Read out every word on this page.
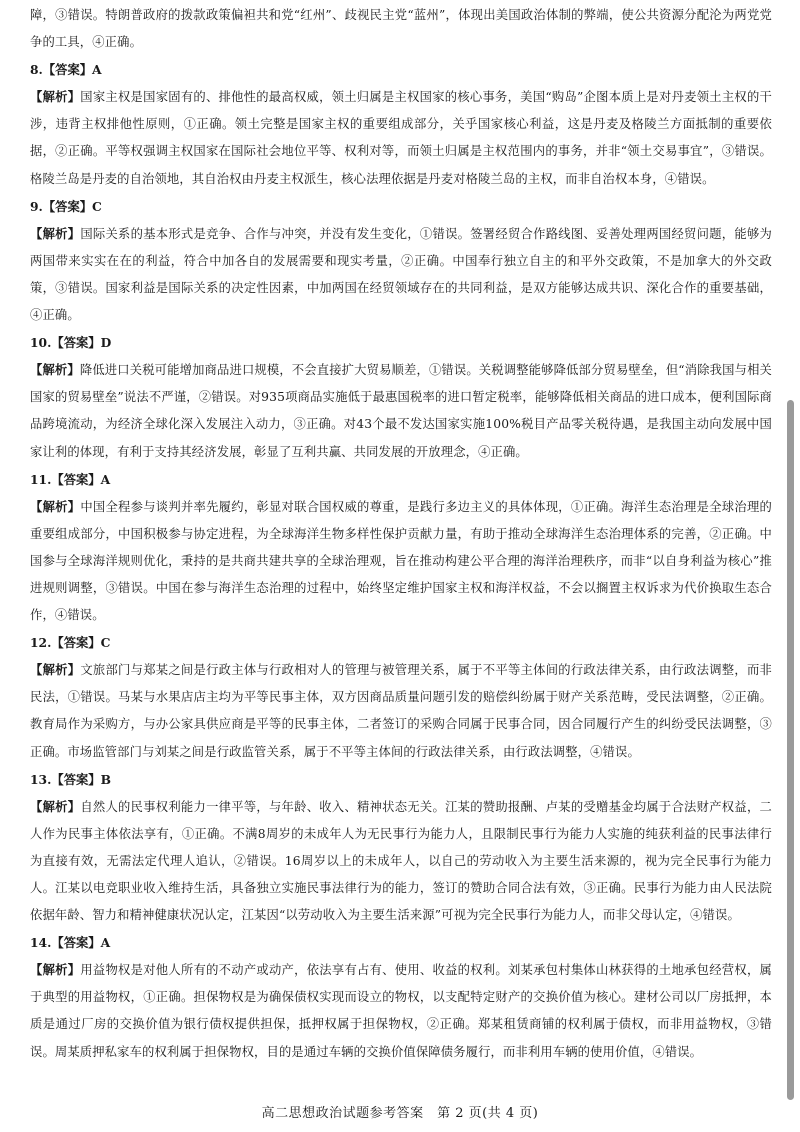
障，③错误。特朗普政府的拨款政策偏袒共和党“红州”、歧视民主党“蓝州”，体现出美国政治体制的弊端，使公共资源分配沦为两党党争的工具，④正确。

8.【答案】A

【解析】国家主权是国家固有的、排他性的最高权威，领土归属是主权国家的核心事务，美国“购岛”企图本质上是对丹麦领土主权的干涉，违背主权排他性原则，①正确。领土完整是国家主权的重要组成部分，关乎国家核心利益，这是丹麦及格陵兰方面抵制的重要依据，②正确。平等权强调主权国家在国际社会地位平等、权利对等，而领土归属是主权范围内的事务，并非“领土交易事宜”，③错误。格陵兰岛是丹麦的自治领地，其自治权由丹麦主权派生，核心法理依据是丹麦对格陵兰岛的主权，而非自治权本身，④错误。

9.【答案】C

【解析】国际关系的基本形式是竞争、合作与冲突，并没有发生变化，①错误。签署经贸合作路线图、妥善处理两国经贸问题，能够为两国带来实实在在的利益，符合中加各自的发展需要和现实考量，②正确。中国奉行独立自主的和平外交政策，不是加拿大的外交政策，③错误。国家利益是国际关系的决定性因素，中加两国在经贸领域存在的共同利益，是双方能够达成共识、深化合作的重要基础，④正确。

10.【答案】D

【解析】降低进口关税可能增加商品进口规模，不会直接扩大贸易顺差，①错误。关税调整能够降低部分贸易壁垒，但“消除我国与相关国家的贸易壁垒”说法不严谨，②错误。对935项商品实施低于最惠国税率的进口暂定税率，能够降低相关商品的进口成本，便利国际商品跨境流动，为经济全球化深入发展注入动力，③正确。对43个最不发达国家实施100%税目产品零关税待遇，是我国主动向发展中国家让利的体现，有利于支持其经济发展，彰显了互利共赢、共同发展的开放理念，④正确。

11.【答案】A

【解析】中国全程参与谈判并率先履约，彰显对联合国权威的尊重，是践行多边主义的具体体现，①正确。海洋生态治理是全球治理的重要组成部分，中国积极参与协定进程，为全球海洋生物多样性保护贡献力量，有助于推动全球海洋生态治理体系的完善，②正确。中国参与全球海洋规则优化，秉持的是共商共建共享的全球治理观，旨在推动构建公平合理的海洋治理秩序，而非“以自身利益为核心”推进规则调整，③错误。中国在参与海洋生态治理的过程中，始终坚定维护国家主权和海洋权益，不会以搁置主权诉求为代价换取生态合作，④错误。

12.【答案】C

【解析】文旅部门与郑某之间是行政主体与行政相对人的管理与被管理关系，属于不平等主体间的行政法律关系，由行政法调整，而非民法，①错误。马某与水果店店主均为平等民事主体，双方因商品质量问题引发的赔偿纠纷属于财产关系范畴，受民法调整，②正确。教育局作为采购方，与办公家具供应商是平等的民事主体，二者签订的采购合同属于民事合同，因合同履行产生的纠纷受民法调整，③正确。市场监管部门与刘某之间是行政监管关系，属于不平等主体间的行政法律关系，由行政法调整，④错误。

13.【答案】B

【解析】自然人的民事权利能力一律平等，与年龄、收入、精神状态无关。江某的赞助报酬、卢某的受赠基金均属于合法财产权益，二人作为民事主体依法享有，①正确。不满8周岁的未成年人为无民事行为能力人，且限制民事行为能力人实施的纯获利益的民事法律行为直接有效，无需法定代理人追认，②错误。16周岁以上的未成年人，以自己的劳动收入为主要生活来源的，视为完全民事行为能力人。江某以电竞职业收入维持生活，具备独立实施民事法律行为的能力，签订的赞助合同合法有效，③正确。民事行为能力由人民法院依据年龄、智力和精神健康状况认定，江某因“以劳动收入为主要生活来源”可视为完全民事行为能力人，而非父母认定，④错误。

14.【答案】A

【解析】用益物权是对他人所有的不动产或动产，依法享有占有、使用、收益的权利。刘某承包村集体山林获得的土地承包经营权，属于典型的用益物权，①正确。担保物权是为确保债权实现而设立的物权，以支配特定财产的交换价值为核心。建材公司以厂房抵押，本质是通过厂房的交换价值为银行债权提供担保，抵押权属于担保物权，②正确。郑某租赁商铺的权利属于债权，而非用益物权，③错误。周某质押私家车的权利属于担保物权，目的是通过车辆的交换价值保障债务履行，而非利用车辆的使用价值，④错误。

高二思想政治试题参考答案　第 2 页(共 4 页)
